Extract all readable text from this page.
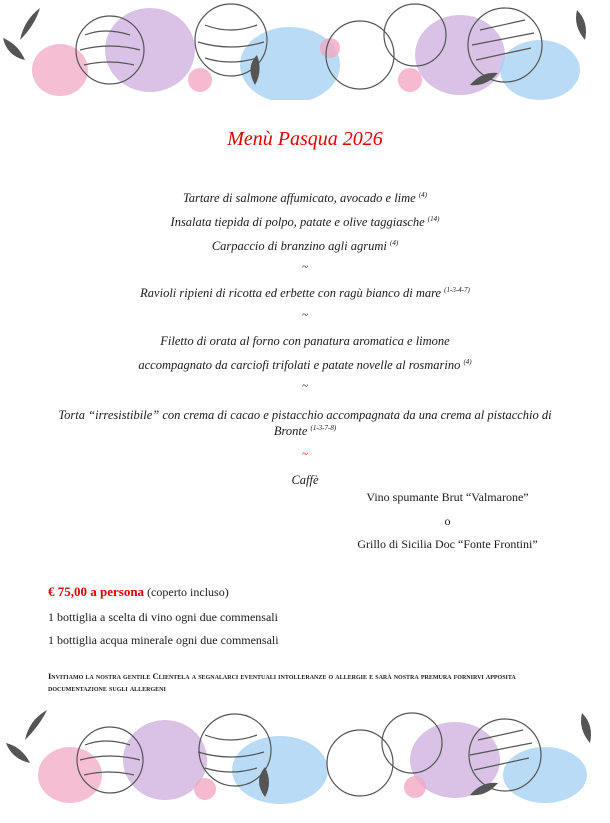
Menù Pasqua 2026
Tartare di salmone affumicato, avocado e lime $^{(4)}$
Insalata tiepida di polpo, patate e olive taggiasche $^{(14)}$
Carpaccio di branzino agli agrumi $^{(4)}$
~
Ravioli ripieni di ricotta ed erbette con ragù bianco di mare $^{(1-3-4-7)}$
~
Filetto di orata al forno con panatura aromatica e limone
accompagnato da carciofi trifolati e patate novelle al rosmarino $^{(4)}$
~
Torta “irresistibile” con crema di cacao e pistacchio accompagnata da una crema al pistacchio di Bronte $^{(1-3-7-8)}$
~
Caffè
Vino spumante Brut “Valmarone”
o
Grillo di Sicilia Doc “Fonte Frontini”
€ 75,00 a persona (coperto incluso)
1 bottiglia a scelta di vino ogni due commensali
1 bottiglia acqua minerale ogni due commensali
Invitiamo la nostra gentile Clientela a segnalarci eventuali intolleranze o allergie e sarà nostra premura fornirvi apposita documentazione sugli allergeni
